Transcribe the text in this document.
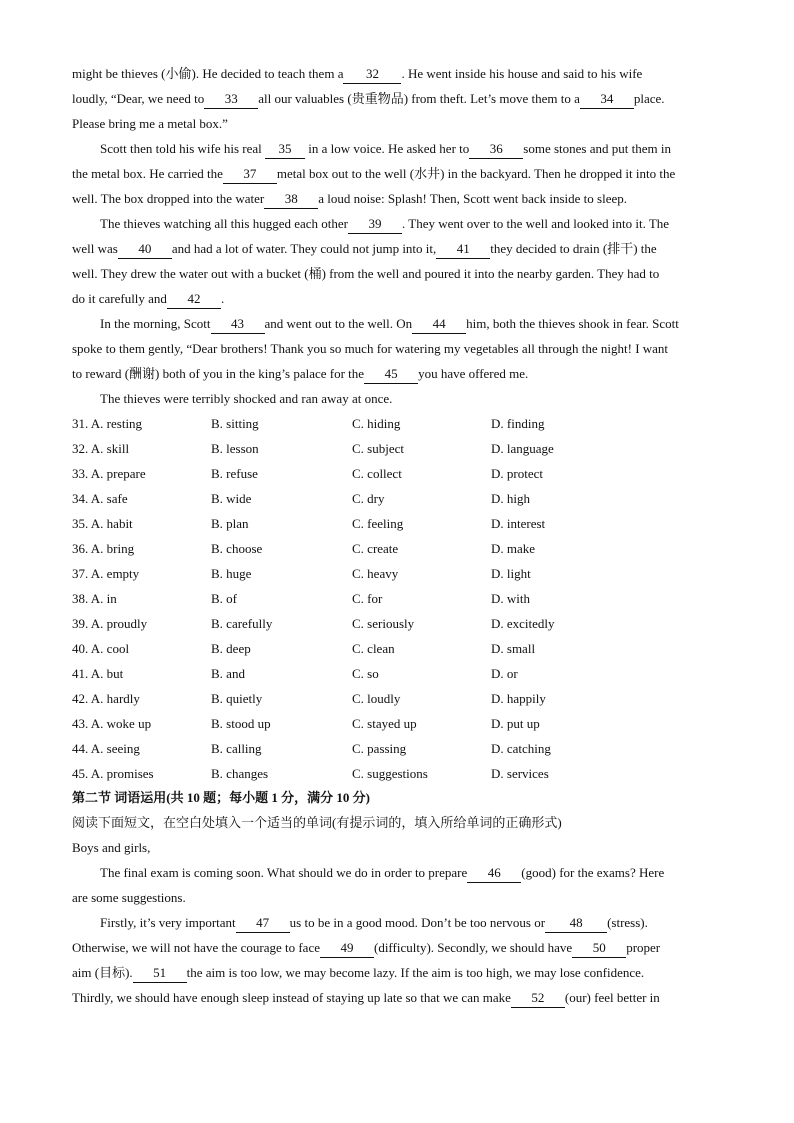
might be thieves (小偷). He decided to teach them a 32 . He went inside his house and said to his wife
loudly, “Dear, we need to 33 all our valuables (贵重物品) from theft. Let’s move them to a 34 place.
Please bring me a metal box.”
Scott then told his wife his real 35 in a low voice. He asked her to 36 some stones and put them in
the metal box. He carried the 37 metal box out to the well (水井) in the backyard. Then he dropped it into the
well. The box dropped into the water 38 a loud noise: Splash! Then, Scott went back inside to sleep.
The thieves watching all this hugged each other 39 . They went over to the well and looked into it. The
well was 40 and had a lot of water. They could not jump into it, 41 they decided to drain (排干) the
well. They drew the water out with a bucket (桶) from the well and poured it into the nearby garden. They had to
do it carefully and 42 .
In the morning, Scott 43 and went out to the well. On 44 him, both the thieves shook in fear. Scott
spoke to them gently, “Dear brothers! Thank you so much for watering my vegetables all through the night! I want
to reward (酬谢) both of you in the king’s palace for the 45 you have offered me.
The thieves were terribly shocked and ran away at once.
31. A. resting	B. sitting	C. hiding	D. finding
32. A. skill	B. lesson	C. subject	D. language
33. A. prepare	B. refuse	C. collect	D. protect
34. A. safe	B. wide	C. dry	D. high
35. A. habit	B. plan	C. feeling	D. interest
36. A. bring	B. choose	C. create	D. make
37. A. empty	B. huge	C. heavy	D. light
38. A. in	B. of	C. for	D. with
39. A. proudly	B. carefully	C. seriously	D. excitedly
40. A. cool	B. deep	C. clean	D. small
41. A. but	B. and	C. so	D. or
42. A. hardly	B. quietly	C. loudly	D. happily
43. A. woke up	B. stood up	C. stayed up	D. put up
44. A. seeing	B. calling	C. passing	D. catching
45. A. promises	B. changes	C. suggestions	D. services
第二节 词语运用(共 10 题；每小题 1 分，满分 10 分)
阅读下面短文，在空白处填入一个适当的单词(有提示词的，填入所给单词的正确形式)
Boys and girls,
The final exam is coming soon. What should we do in order to prepare 46 (good) for the exams? Here
are some suggestions.
Firstly, it’s very important 47 us to be in a good mood. Don’t be too nervous or 48 (stress).
Otherwise, we will not have the courage to face 49 (difficulty). Secondly, we should have 50 proper
aim (目标). 51 the aim is too low, we may become lazy. If the aim is too high, we may lose confidence.
Thirdly, we should have enough sleep instead of staying up late so that we can make 52 (our) feel better in
